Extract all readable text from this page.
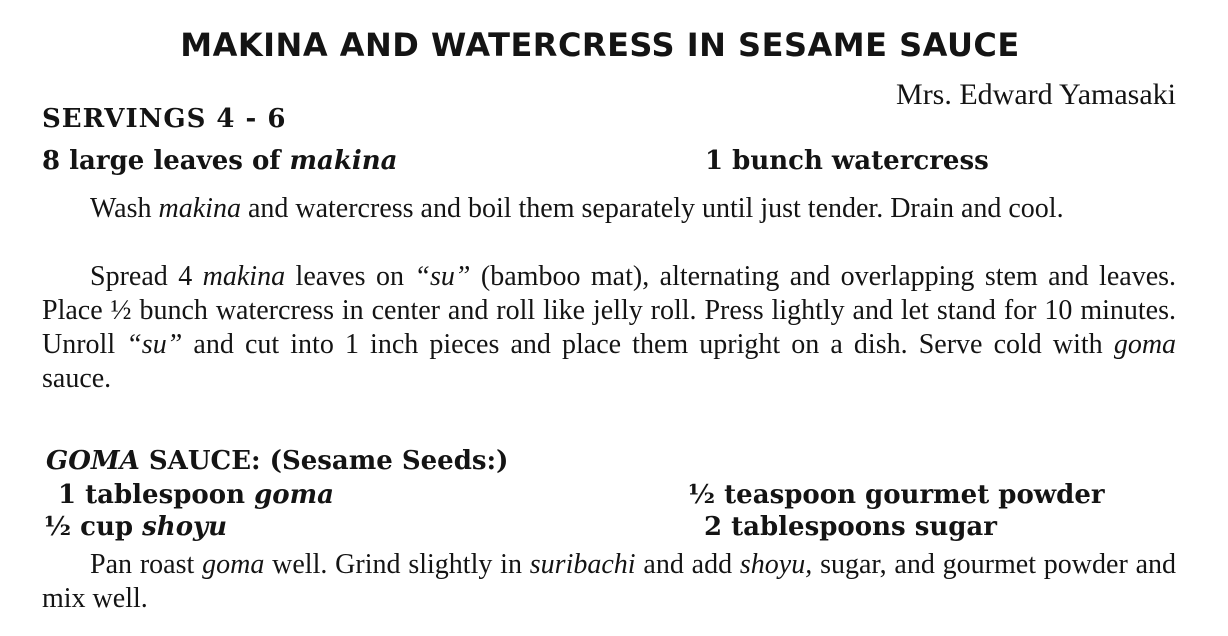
MAKINA AND WATERCRESS IN SESAME SAUCE
Mrs. Edward Yamasaki
SERVINGS 4 - 6
8 large leaves of makina	1 bunch watercress
Wash makina and watercress and boil them separately until just tender. Drain and cool.
Spread 4 makina leaves on “su” (bamboo mat), alternating and overlapping stem and leaves. Place ½ bunch watercress in center and roll like jelly roll. Press lightly and let stand for 10 minutes. Unroll “su” and cut into 1 inch pieces and place them upright on a dish. Serve cold with goma sauce.
GOMA SAUCE: (Sesame Seeds:)
1 tablespoon goma
½ cup shoyu
½ teaspoon gourmet powder
2 tablespoons sugar
Pan roast goma well. Grind slightly in suribachi and add shoyu, sugar, and gourmet powder and mix well.
